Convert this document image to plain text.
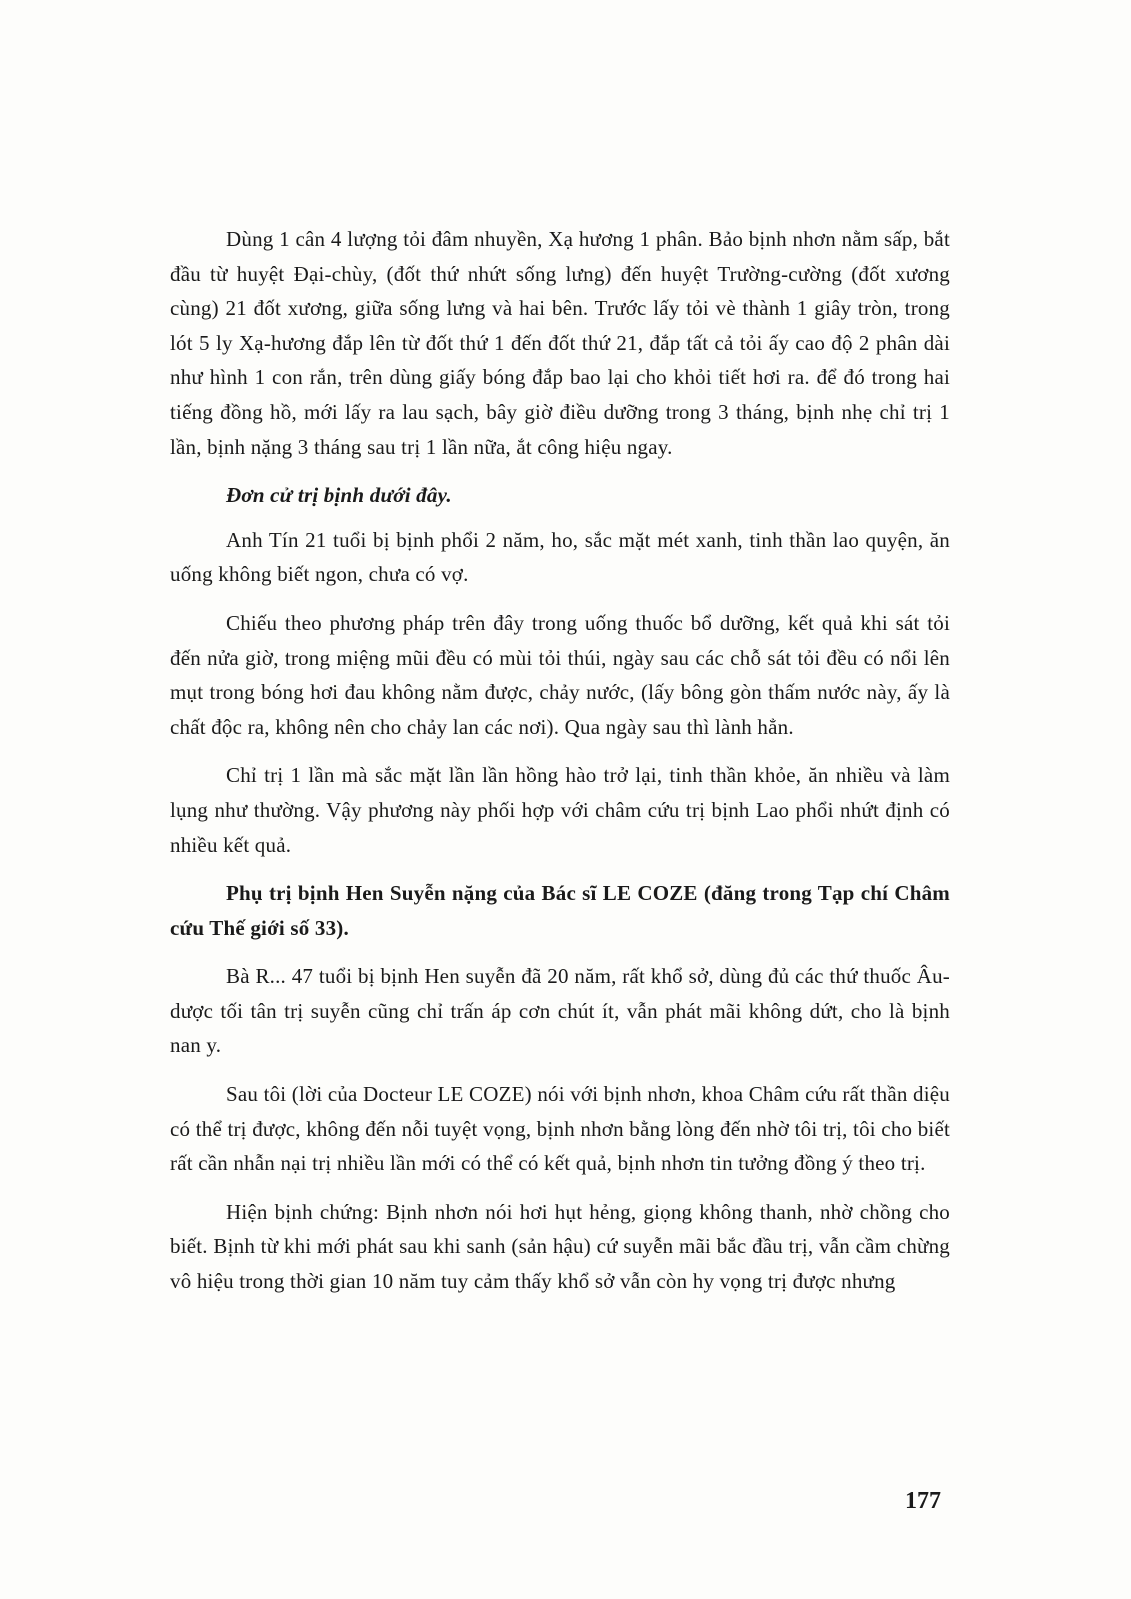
Dùng 1 cân 4 lượng tỏi đâm nhuyền, Xạ hương 1 phân. Bảo bịnh nhơn nằm sấp, bắt đầu từ huyệt Đại-chùy, (đốt thứ nhứt sống lưng) đến huyệt Trường-cường (đốt xương cùng) 21 đốt xương, giữa sống lưng và hai bên. Trước lấy tỏi vè thành 1 giây tròn, trong lót 5 ly Xạ-hương đắp lên từ đốt thứ 1 đến đốt thứ 21, đắp tất cả tỏi ấy cao độ 2 phân dài như hình 1 con rắn, trên dùng giấy bóng đắp bao lại cho khỏi tiết hơi ra. để đó trong hai tiếng đồng hồ, mới lấy ra lau sạch, bây giờ điều dưỡng trong 3 tháng, bịnh nhẹ chỉ trị 1 lần, bịnh nặng 3 tháng sau trị 1 lần nữa, ắt công hiệu ngay.

Đơn cử trị bịnh dưới đây.

Anh Tín 21 tuổi bị bịnh phổi 2 năm, ho, sắc mặt mét xanh, tinh thần lao quyện, ăn uống không biết ngon, chưa có vợ.

Chiếu theo phương pháp trên đây trong uống thuốc bổ dưỡng, kết quả khi sát tỏi đến nửa giờ, trong miệng mũi đều có mùi tỏi thúi, ngày sau các chỗ sát tỏi đều có nổi lên mụt trong bóng hơi đau không nằm được, chảy nước, (lấy bông gòn thấm nước này, ấy là chất độc ra, không nên cho chảy lan các nơi). Qua ngày sau thì lành hẳn.

Chỉ trị 1 lần mà sắc mặt lần lần hồng hào trở lại, tinh thần khỏe, ăn nhiều và làm lụng như thường. Vậy phương này phối hợp với châm cứu trị bịnh Lao phổi nhứt định có nhiều kết quả.

Phụ trị bịnh Hen Suyễn nặng của Bác sĩ LE COZE (đăng trong Tạp chí Châm cứu Thế giới số 33).

Bà R... 47 tuổi bị bịnh Hen suyễn đã 20 năm, rất khổ sở, dùng đủ các thứ thuốc Âu-dược tối tân trị suyễn cũng chỉ trấn áp cơn chút ít, vẫn phát mãi không dứt, cho là bịnh nan y.

Sau tôi (lời của Docteur LE COZE) nói với bịnh nhơn, khoa Châm cứu rất thần diệu có thể trị được, không đến nỗi tuyệt vọng, bịnh nhơn bằng lòng đến nhờ tôi trị, tôi cho biết rất cần nhẫn nại trị nhiều lần mới có thể có kết quả, bịnh nhơn tin tưởng đồng ý theo trị.

Hiện bịnh chứng: Bịnh nhơn nói hơi hụt hẻng, giọng không thanh, nhờ chồng cho biết. Bịnh từ khi mới phát sau khi sanh (sản hậu) cứ suyễn mãi bắc đầu trị, vẫn cầm chừng vô hiệu trong thời gian 10 năm tuy cảm thấy khổ sở vẫn còn hy vọng trị được nhưng

177
